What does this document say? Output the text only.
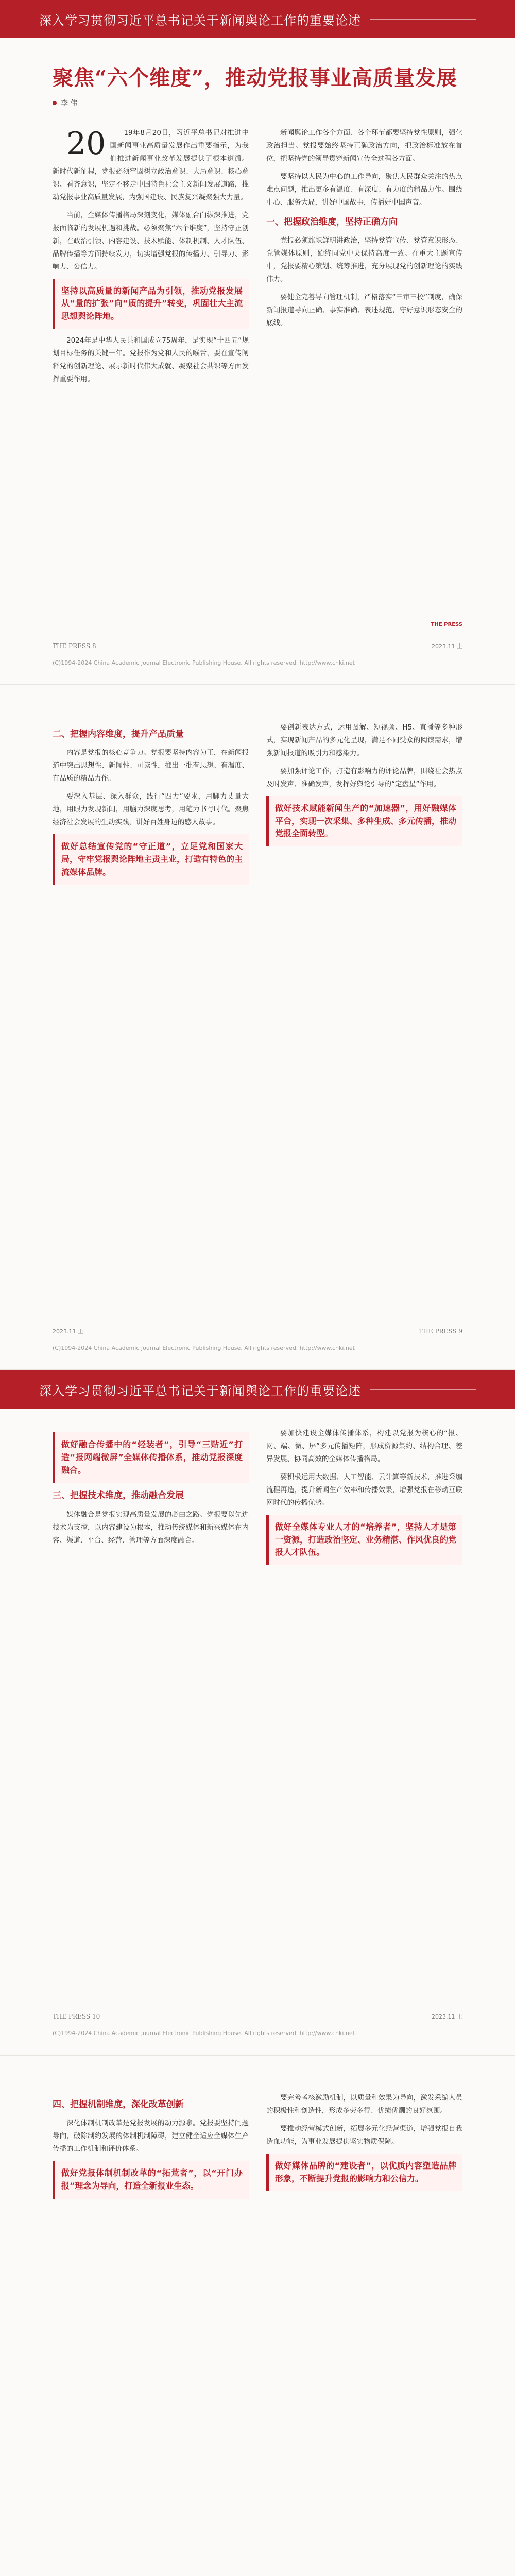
深入学习贯彻习近平总书记关于新闻舆论工作的重要论述
聚焦“六个维度”，推动党报事业高质量发展
李 伟

20	19年8月20日，习近平总书记对推进中国新闻事业高质量发展作出重要指示，为我们推进新闻事业改革发展提供了根本遵循。新时代新征程，党报必须牢固树立政治意识、大局意识、核心意识、看齐意识，坚定不移走中国特色社会主义新闻发展道路，推动党报事业高质量发展，为强国建设、民族复兴凝聚强大力量。

当前，全媒体传播格局深刻变化，媒体融合向纵深推进，党报面临新的发展机遇和挑战。必须聚焦“六个维度”，坚持守正创新，在政治引领、内容建设、技术赋能、体制机制、人才队伍、品牌传播等方面持续发力，切实增强党报的传播力、引导力、影响力、公信力。

坚持以高质量的新闻产品为引领，推动党报发展从“量的扩张”向“质的提升”转变，巩固壮大主流思想舆论阵地。

2024年是中华人民共和国成立75周年，是实现“十四五”规划目标任务的关键一年。党报作为党和人民的喉舌，要在宣传阐释党的创新理论、展示新时代伟大成就、凝聚社会共识等方面发挥重要作用。

新闻舆论工作各个方面、各个环节都要坚持党性原则，强化政治担当。党报要始终坚持正确政治方向，把政治标准放在首位，把坚持党的领导贯穿新闻宣传全过程各方面。

要坚持以人民为中心的工作导向，聚焦人民群众关注的热点难点问题，推出更多有温度、有深度、有力度的精品力作。围绕中心、服务大局，讲好中国故事，传播好中国声音。

一、把握政治维度，坚持正确方向

党报必须旗帜鲜明讲政治，坚持党管宣传、党管意识形态、党管媒体原则，始终同党中央保持高度一致。在重大主题宣传中，党报要精心策划、统筹推进，充分展现党的创新理论的实践伟力。

要健全完善导向管理机制，严格落实“三审三校”制度，确保新闻报道导向正确、事实准确、表述规范，守好意识形态安全的底线。

THE PRESS
THE PRESS 8	2023.11 上
(C)1994-2024 China Academic Journal Electronic Publishing House. All rights reserved. http://www.cnki.net
二、把握内容维度，提升产品质量

内容是党报的核心竞争力。党报要坚持内容为王，在新闻报道中突出思想性、新闻性、可读性，推出一批有思想、有温度、有品质的精品力作。

要深入基层、深入群众，践行“四力”要求，用脚力丈量大地，用眼力发现新闻，用脑力深度思考，用笔力书写时代。聚焦经济社会发展的生动实践，讲好百姓身边的感人故事。

做好总结宣传党的“守正道”，立足党和国家大局，守牢党报舆论阵地主责主业，打造有特色的主流媒体品牌。

要创新表达方式，运用图解、短视频、H5、直播等多种形式，实现新闻产品的多元化呈现，满足不同受众的阅读需求，增强新闻报道的吸引力和感染力。

要加强评论工作，打造有影响力的评论品牌，围绕社会热点及时发声、准确发声，发挥好舆论引导的“定盘星”作用。

做好技术赋能新闻生产的“加速器”，用好融媒体平台，实现一次采集、多种生成、多元传播，推动党报全面转型。
2023.11 上	THE PRESS 9
(C)1994-2024 China Academic Journal Electronic Publishing House. All rights reserved. http://www.cnki.net
深入学习贯彻习近平总书记关于新闻舆论工作的重要论述
做好融合传播中的“轻装者”，引导“三贴近”打造“报网端微屏”全媒体传播体系，推动党报深度融合。
三、把握技术维度，推动融合发展

媒体融合是党报实现高质量发展的必由之路。党报要以先进技术为支撑，以内容建设为根本，推动传统媒体和新兴媒体在内容、渠道、平台、经营、管理等方面深度融合。

要加快建设全媒体传播体系，构建以党报为核心的“报、网、端、微、屏”多元传播矩阵，形成资源集约、结构合理、差异发展、协同高效的全媒体传播格局。

要积极运用大数据、人工智能、云计算等新技术，推进采编流程再造，提升新闻生产效率和传播效果，增强党报在移动互联网时代的传播优势。

做好全媒体专业人才的“培养者”，坚持人才是第一资源，打造政治坚定、业务精湛、作风优良的党报人才队伍。
THE PRESS 10	2023.11 上
(C)1994-2024 China Academic Journal Electronic Publishing House. All rights reserved. http://www.cnki.net
四、把握机制维度，深化改革创新

深化体制机制改革是党报发展的动力源泉。党报要坚持问题导向，破除制约发展的体制机制障碍，建立健全适应全媒体生产传播的工作机制和评价体系。

做好党报体制机制改革的“拓荒者”，以“开门办报”理念为导向，打造全新报业生态。

要完善考核激励机制，以质量和效果为导向，激发采编人员的积极性和创造性，形成多劳多得、优绩优酬的良好氛围。

要推动经营模式创新，拓展多元化经营渠道，增强党报自我造血功能，为事业发展提供坚实物质保障。

做好媒体品牌的“建设者”，以优质内容塑造品牌形象，不断提升党报的影响力和公信力。
